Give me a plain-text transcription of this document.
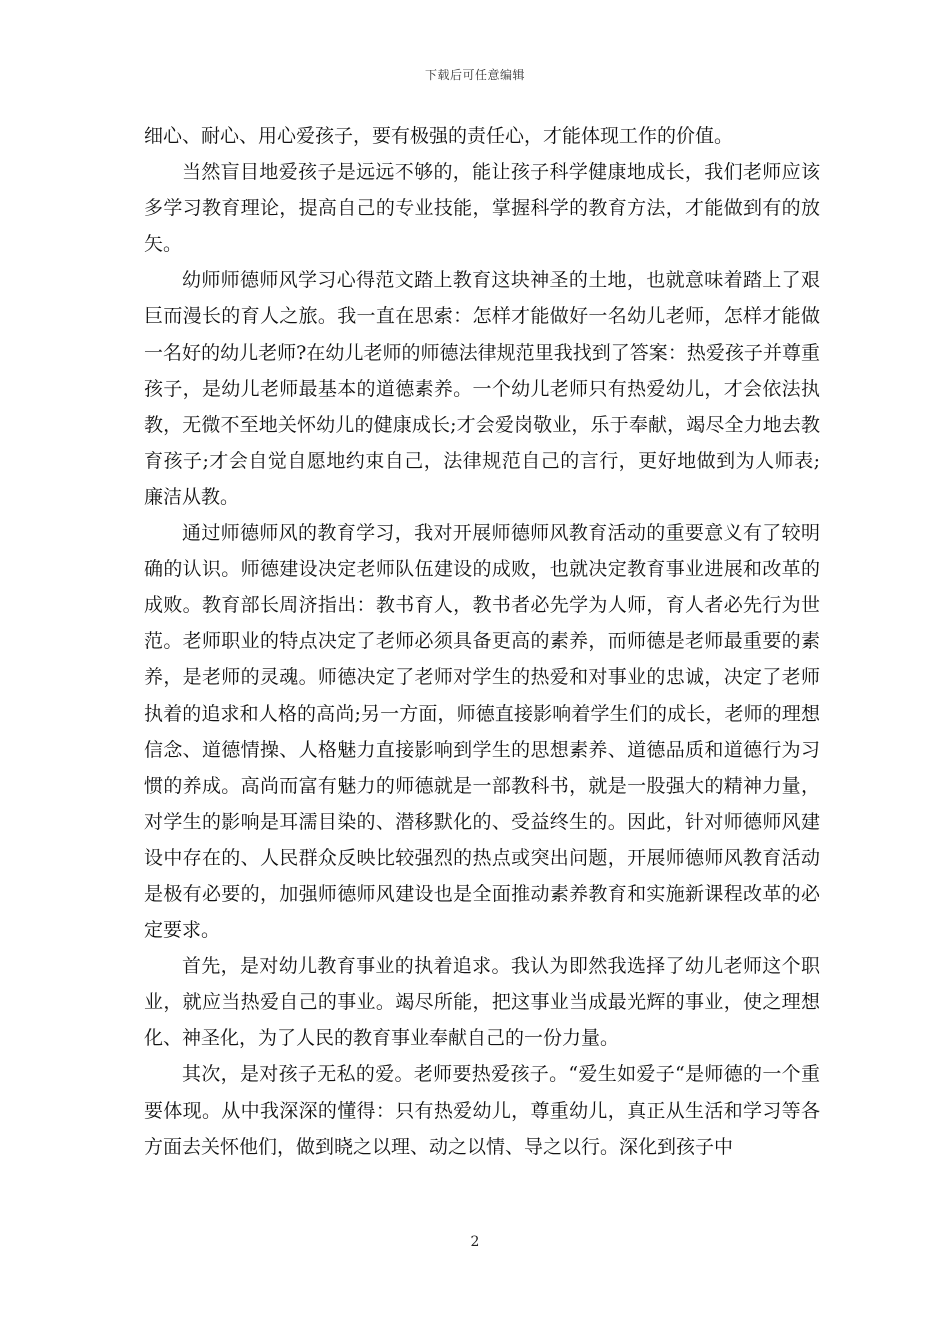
下载后可任意编辑

细心、耐心、用心爱孩子，要有极强的责任心，才能体现工作的价值。

当然盲目地爱孩子是远远不够的，能让孩子科学健康地成长，我们老师应该多学习教育理论，提高自己的专业技能，掌握科学的教育方法，才能做到有的放矢。

幼师师德师风学习心得范文踏上教育这块神圣的土地，也就意味着踏上了艰巨而漫长的育人之旅。我一直在思索：怎样才能做好一名幼儿老师，怎样才能做一名好的幼儿老师?在幼儿老师的师德法律规范里我找到了答案：热爱孩子并尊重孩子，是幼儿老师最基本的道德素养。一个幼儿老师只有热爱幼儿，才会依法执教，无微不至地关怀幼儿的健康成长;才会爱岗敬业，乐于奉献，竭尽全力地去教育孩子;才会自觉自愿地约束自己，法律规范自己的言行，更好地做到为人师表;廉洁从教。

通过师德师风的教育学习，我对开展师德师风教育活动的重要意义有了较明确的认识。师德建设决定老师队伍建设的成败，也就决定教育事业进展和改革的成败。教育部长周济指出：教书育人，教书者必先学为人师，育人者必先行为世范。老师职业的特点决定了老师必须具备更高的素养，而师德是老师最重要的素养，是老师的灵魂。师德决定了老师对学生的热爱和对事业的忠诚，决定了老师执着的追求和人格的高尚;另一方面，师德直接影响着学生们的成长，老师的理想信念、道德情操、人格魅力直接影响到学生的思想素养、道德品质和道德行为习惯的养成。高尚而富有魅力的师德就是一部教科书，就是一股强大的精神力量，对学生的影响是耳濡目染的、潜移默化的、受益终生的。因此，针对师德师风建设中存在的、人民群众反映比较强烈的热点或突出问题，开展师德师风教育活动是极有必要的，加强师德师风建设也是全面推动素养教育和实施新课程改革的必定要求。

首先，是对幼儿教育事业的执着追求。我认为即然我选择了幼儿老师这个职业，就应当热爱自己的事业。竭尽所能，把这事业当成最光辉的事业，使之理想化、神圣化，为了人民的教育事业奉献自己的一份力量。

其次，是对孩子无私的爱。老师要热爱孩子。“爱生如爱子“是师德的一个重要体现。从中我深深的懂得：只有热爱幼儿，尊重幼儿，真正从生活和学习等各方面去关怀他们，做到晓之以理、动之以情、导之以行。深化到孩子中

2
